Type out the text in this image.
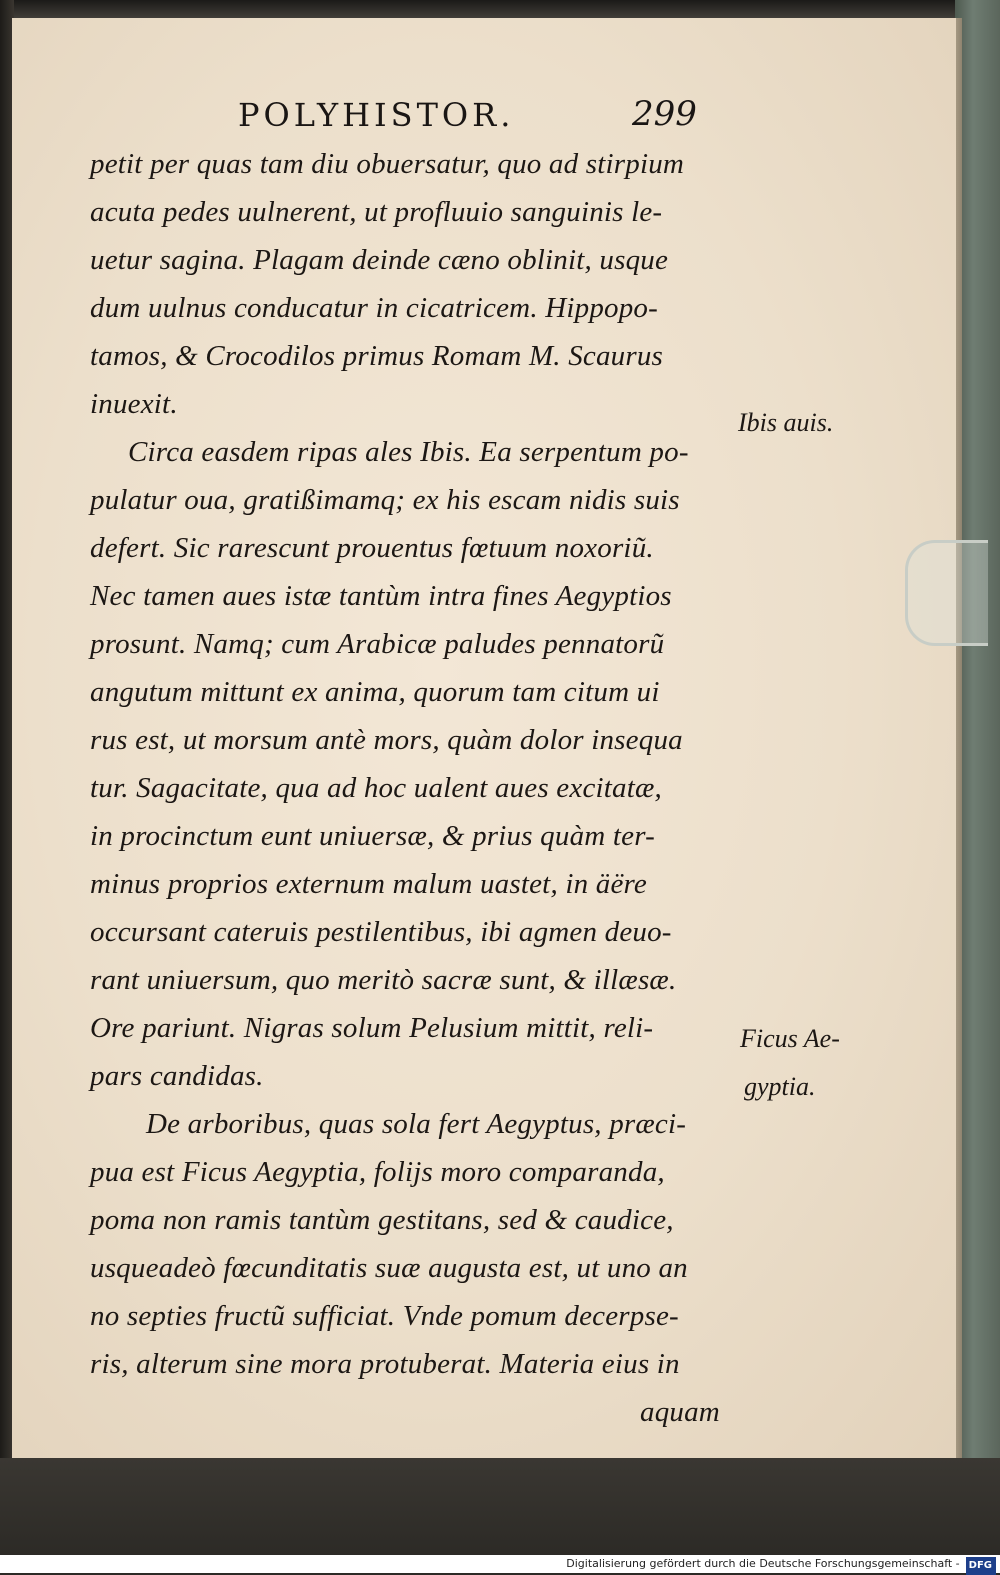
POLYHISTOR.	299
petit per quas tam diu obuersatur, quo ad stirpium
acuta pedes uulnerent, ut profluuio sanguinis le-
uetur sagina. Plagam deinde cæno oblinit, usque
dum uulnus conducatur in cicatricem. Hippopo-
tamos, & Crocodilos primus Romam M. Scaurus
inuexit.
Circa easdem ripas ales Ibis. Ea serpentum po-
pulatur oua, gratißimamq; ex his escam nidis suis
defert. Sic rarescunt prouentus fœtuum noxoriũ.
Nec tamen aues istæ tantùm intra fines Aegyptios
prosunt. Namq; cum Arabicæ paludes pennatorũ
angutum mittunt ex anima, quorum tam citum ui
rus est, ut morsum antè mors, quàm dolor insequa
tur. Sagacitate, qua ad hoc ualent aues excitatæ,
in procinctum eunt uniuersæ, & prius quàm ter-
minus proprios externum malum uastet, in äëre
occursant cateruis pestilentibus, ibi agmen deuo-
rant uniuersum, quo meritò sacræ sunt, & illæsæ.
Ore pariunt. Nigras solum Pelusium mittit, reli-
pars candidas.
De arboribus, quas sola fert Aegyptus, præci-
pua est Ficus Aegyptia, folijs moro comparanda,
poma non ramis tantùm gestitans, sed & caudice,
usqueadeò fœcunditatis suæ augusta est, ut uno an
no septies fructũ sufficiat. Vnde pomum decerpse-
ris, alterum sine mora protuberat. Materia eius in
aquam
Ibis auis.
Ficus Ae-
gyptia.
Digitalisierung gefördert durch die Deutsche Forschungsgemeinschaft - DFG
